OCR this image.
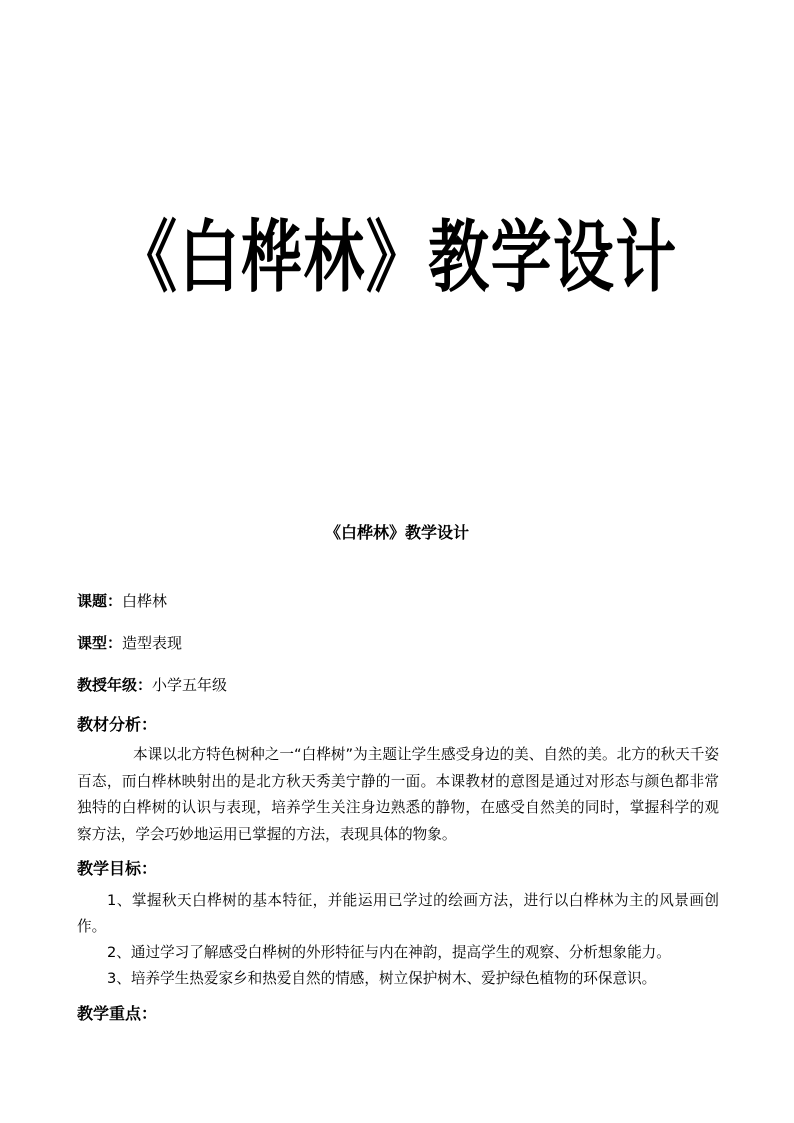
《白桦林》教学设计
《白桦林》教学设计
课题：白桦林
课型：造型表现
教授年级：小学五年级
教材分析：
本课以北方特色树种之一“白桦树”为主题让学生感受身边的美、自然的美。北方的秋天千姿百态，而白桦林映射出的是北方秋天秀美宁静的一面。本课教材的意图是通过对形态与颜色都非常独特的白桦树的认识与表现，培养学生关注身边熟悉的静物，在感受自然美的同时，掌握科学的观察方法，学会巧妙地运用已掌握的方法，表现具体的物象。
教学目标：
1、掌握秋天白桦树的基本特征，并能运用已学过的绘画方法，进行以白桦林为主的风景画创作。
2、通过学习了解感受白桦树的外形特征与内在神韵，提高学生的观察、分析想象能力。
3、培养学生热爱家乡和热爱自然的情感，树立保护树木、爱护绿色植物的环保意识。
教学重点：
